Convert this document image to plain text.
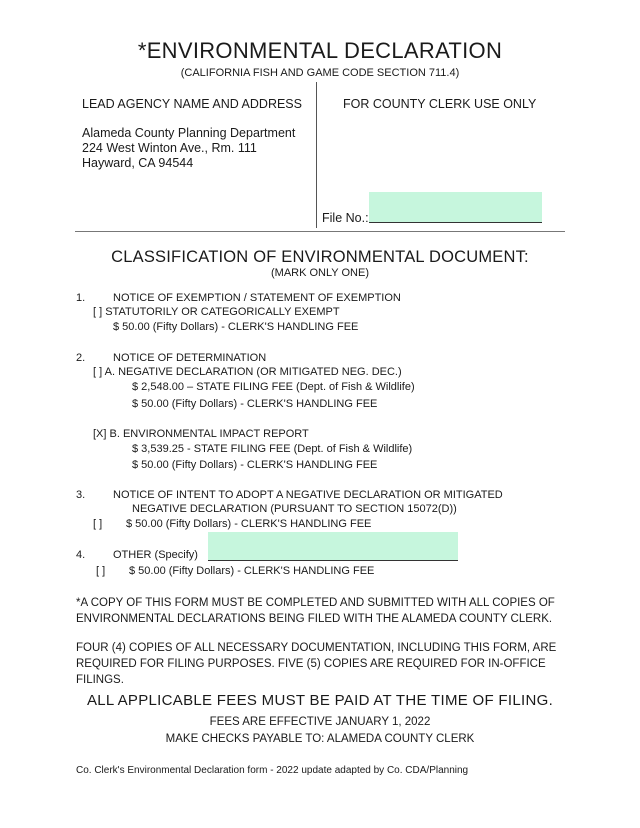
*ENVIRONMENTAL DECLARATION
(CALIFORNIA FISH AND GAME CODE SECTION 711.4)
LEAD AGENCY NAME AND ADDRESS
Alameda County Planning Department
224 West Winton Ave., Rm. 111
Hayward, CA 94544
FOR COUNTY CLERK USE ONLY
File No.:
CLASSIFICATION OF ENVIRONMENTAL DOCUMENT:
(MARK ONLY ONE)
1.	NOTICE OF EXEMPTION / STATEMENT OF EXEMPTION
[ ] STATUTORILY OR CATEGORICALLY EXEMPT
$ 50.00 (Fifty Dollars) - CLERK'S HANDLING FEE
2.	NOTICE OF DETERMINATION
[ ] A. NEGATIVE DECLARATION (OR MITIGATED NEG. DEC.)
$ 2,548.00 – STATE FILING FEE (Dept. of Fish & Wildlife)
$ 50.00 (Fifty Dollars) - CLERK'S HANDLING FEE
[X] B. ENVIRONMENTAL IMPACT REPORT
$ 3,539.25 - STATE FILING FEE (Dept. of Fish & Wildlife)
$ 50.00 (Fifty Dollars) - CLERK'S HANDLING FEE
3.	NOTICE OF INTENT TO ADOPT A NEGATIVE DECLARATION OR MITIGATED
NEGATIVE DECLARATION (PURSUANT TO SECTION 15072(D))
[ ] $ 50.00 (Fifty Dollars) - CLERK'S HANDLING FEE
4.	OTHER (Specify)
[ ] $ 50.00 (Fifty Dollars) - CLERK'S HANDLING FEE
*A COPY OF THIS FORM MUST BE COMPLETED AND SUBMITTED WITH ALL COPIES OF ENVIRONMENTAL DECLARATIONS BEING FILED WITH THE ALAMEDA COUNTY CLERK.
FOUR (4) COPIES OF ALL NECESSARY DOCUMENTATION, INCLUDING THIS FORM, ARE REQUIRED FOR FILING PURPOSES. FIVE (5) COPIES ARE REQUIRED FOR IN-OFFICE FILINGS.
ALL APPLICABLE FEES MUST BE PAID AT THE TIME OF FILING.
FEES ARE EFFECTIVE JANUARY 1, 2022
MAKE CHECKS PAYABLE TO: ALAMEDA COUNTY CLERK
Co. Clerk's Environmental Declaration form - 2022 update adapted by Co. CDA/Planning
